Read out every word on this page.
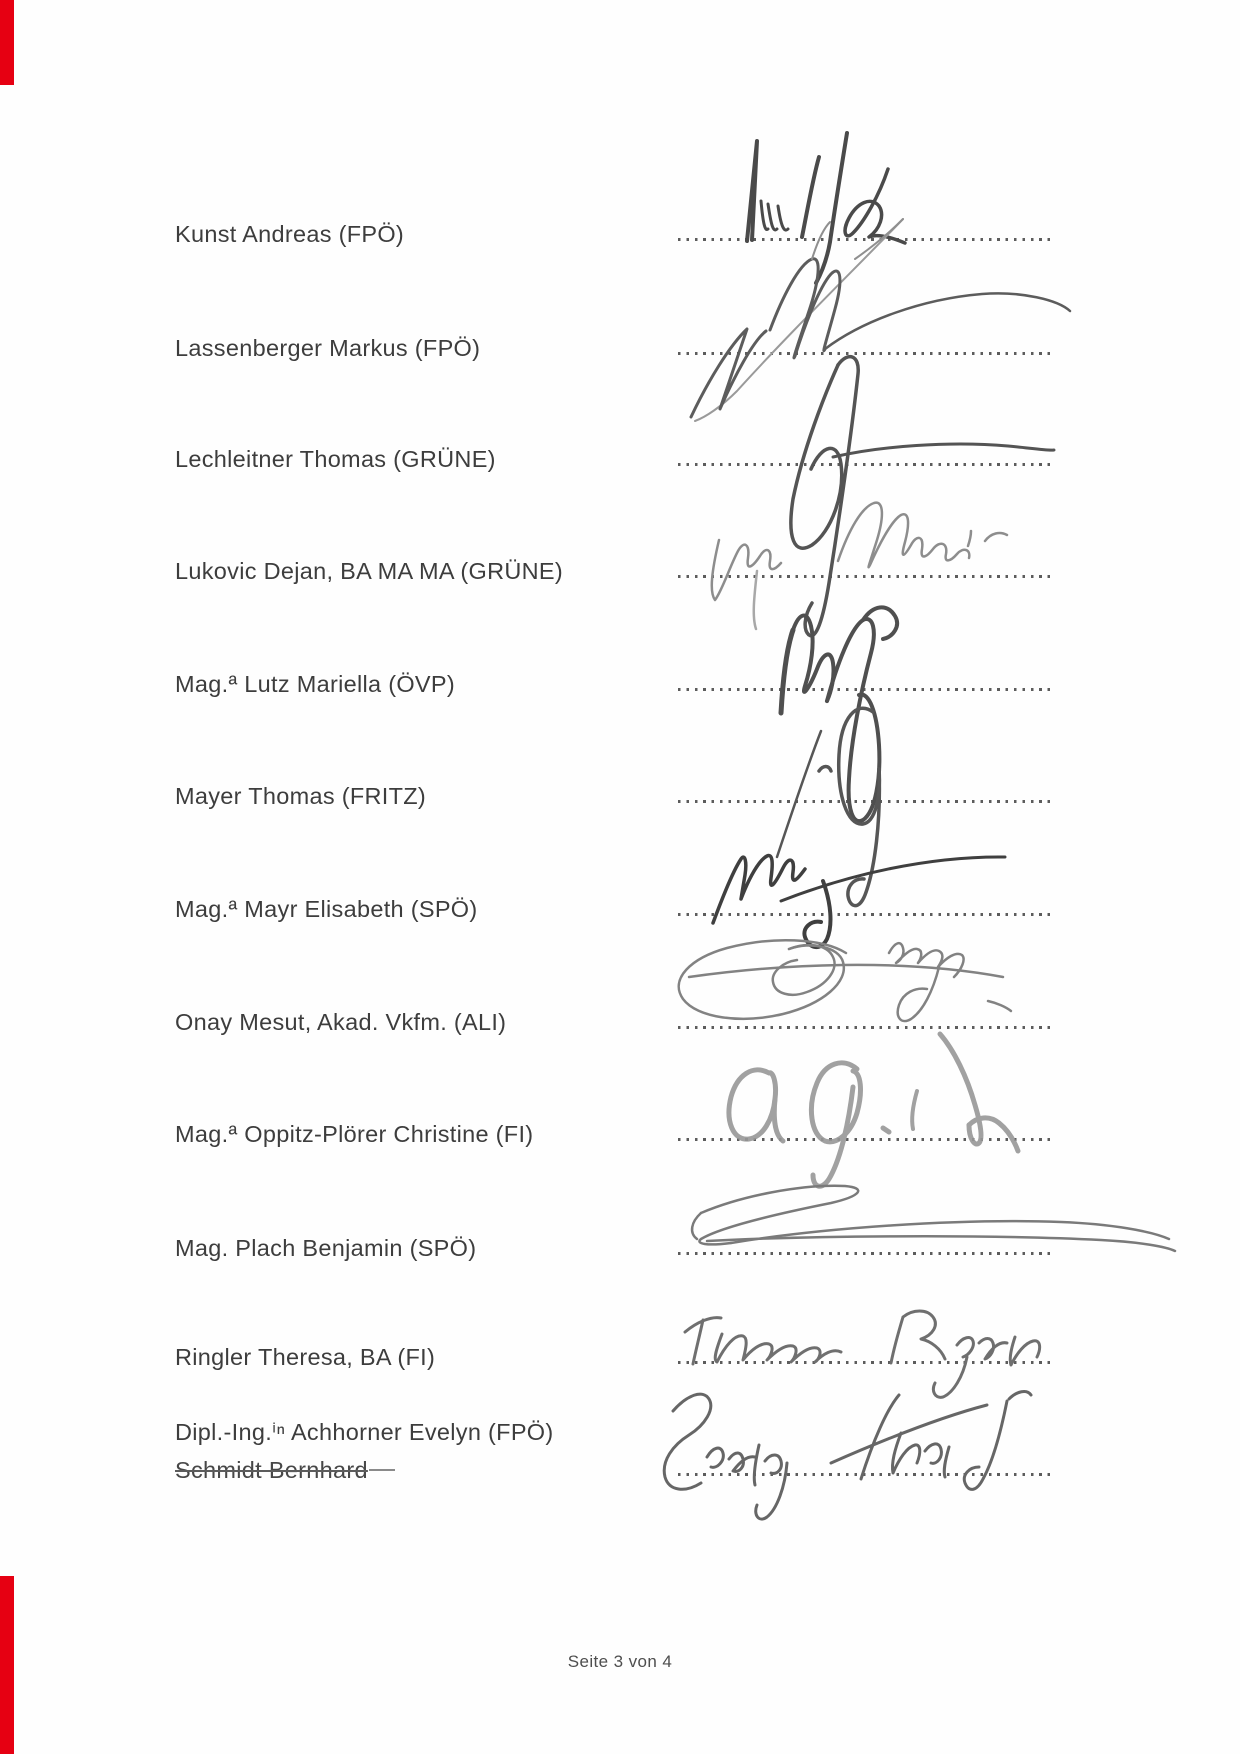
Kunst Andreas (FPÖ)
Lassenberger Markus (FPÖ)
Lechleitner Thomas (GRÜNE)
Lukovic Dejan, BA MA MA (GRÜNE)
Mag.ª Lutz Mariella (ÖVP)
Mayer Thomas (FRITZ)
Mag.ª Mayr Elisabeth (SPÖ)
Onay Mesut, Akad. Vkfm. (ALI)
Mag.ª Oppitz-Plörer Christine (FI)
Mag. Plach Benjamin (SPÖ)
Ringler Theresa, BA (FI)
Dipl.-Ing.ⁱⁿ Achhorner Evelyn (FPÖ)
Schmidt Bernhard
Seite 3 von 4
